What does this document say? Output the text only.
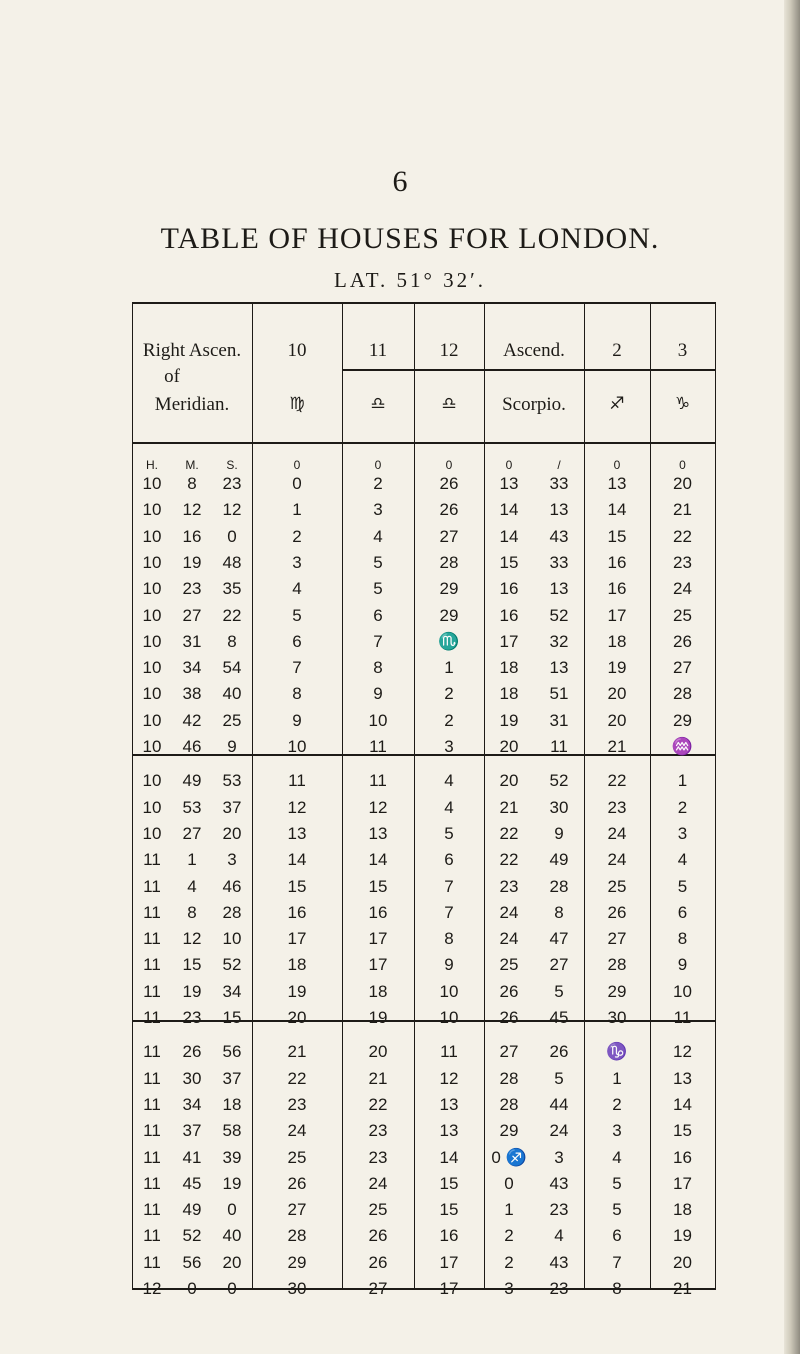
6
TABLE OF HOUSES FOR LONDON.
LAT. 51° 32′.
Right Ascen.
of
Meridian.
10	11	12	Ascend.	2	3
♍	♎	♎	Scorpio.	♐	♑
H.	M.	S.	0	0	0	0	/	0	0
10	8	23	0	2	26	13	33	13	20
10	12	12	1	3	26	14	13	14	21
10	16	0	2	4	27	14	43	15	22
10	19	48	3	5	28	15	33	16	23
10	23	35	4	5	29	16	13	16	24
10	27	22	5	6	29	16	52	17	25
10	31	8	6	7	♏	17	32	18	26
10	34	54	7	8	1	18	13	19	27
10	38	40	8	9	2	18	51	20	28
10	42	25	9	10	2	19	31	20	29
10	46	9	10	11	3	20	11	21	♒
10	49	53	11	11	4	20	52	22	1
10	53	37	12	12	4	21	30	23	2
10	27	20	13	13	5	22	9	24	3
11	1	3	14	14	6	22	49	24	4
11	4	46	15	15	7	23	28	25	5
11	8	28	16	16	7	24	8	26	6
11	12	10	17	17	8	24	47	27	8
11	15	52	18	17	9	25	27	28	9
11	19	34	19	18	10	26	5	29	10
11	23	15	20	19	10	26	45	30	11
11	26	56	21	20	11	27	26	♑	12
11	30	37	22	21	12	28	5	1	13
11	34	18	23	22	13	28	44	2	14
11	37	58	24	23	13	29	24	3	15
11	41	39	25	23	14	0 ♐	3	4	16
11	45	19	26	24	15	0	43	5	17
11	49	0	27	25	15	1	23	5	18
11	52	40	28	26	16	2	4	6	19
11	56	20	29	26	17	2	43	7	20
12	0	0	30	27	17	3	23	8	21
